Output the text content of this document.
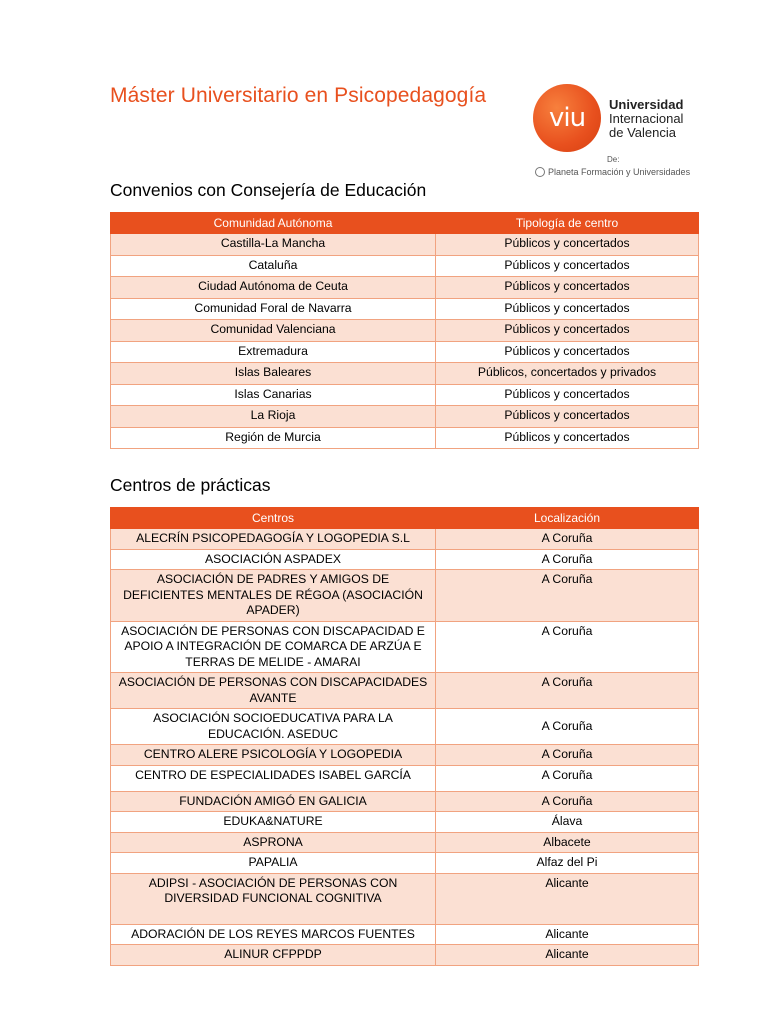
Máster Universitario en Psicopedagogía
viu	Universidad
Internacional
de Valencia
De:
Planeta Formación y Universidades
Convenios con Consejería de Educación
Comunidad Autónoma	Tipología de centro
Castilla-La Mancha	Públicos y concertados
Cataluña	Públicos y concertados
Ciudad Autónoma de Ceuta	Públicos y concertados
Comunidad Foral de Navarra	Públicos y concertados
Comunidad Valenciana	Públicos y concertados
Extremadura	Públicos y concertados
Islas Baleares	Públicos, concertados y privados
Islas Canarias	Públicos y concertados
La Rioja	Públicos y concertados
Región de Murcia	Públicos y concertados
Centros de prácticas
Centros	Localización
ALECRÍN PSICOPEDAGOGÍA Y LOGOPEDIA S.L	A Coruña
ASOCIACIÓN ASPADEX	A Coruña
ASOCIACIÓN DE PADRES Y AMIGOS DE DEFICIENTES MENTALES DE RÉGOA (ASOCIACIÓN APADER)	A Coruña
ASOCIACIÓN DE PERSONAS CON DISCAPACIDAD E APOIO A INTEGRACIÓN DE COMARCA DE ARZÚA E TERRAS DE MELIDE - AMARAI	A Coruña
ASOCIACIÓN DE PERSONAS CON DISCAPACIDADES AVANTE	A Coruña
ASOCIACIÓN SOCIOEDUCATIVA PARA LA EDUCACIÓN. ASEDUC	A Coruña
CENTRO ALERE PSICOLOGÍA Y LOGOPEDIA	A Coruña
CENTRO DE ESPECIALIDADES ISABEL GARCÍA	A Coruña
FUNDACIÓN AMIGÓ EN GALICIA	A Coruña
EDUKA&NATURE	Álava
ASPRONA	Albacete
PAPALIA	Alfaz del Pi
ADIPSI - ASOCIACIÓN DE PERSONAS CON DIVERSIDAD FUNCIONAL COGNITIVA	Alicante
ADORACIÓN DE LOS REYES MARCOS FUENTES	Alicante
ALINUR CFPPDP	Alicante
